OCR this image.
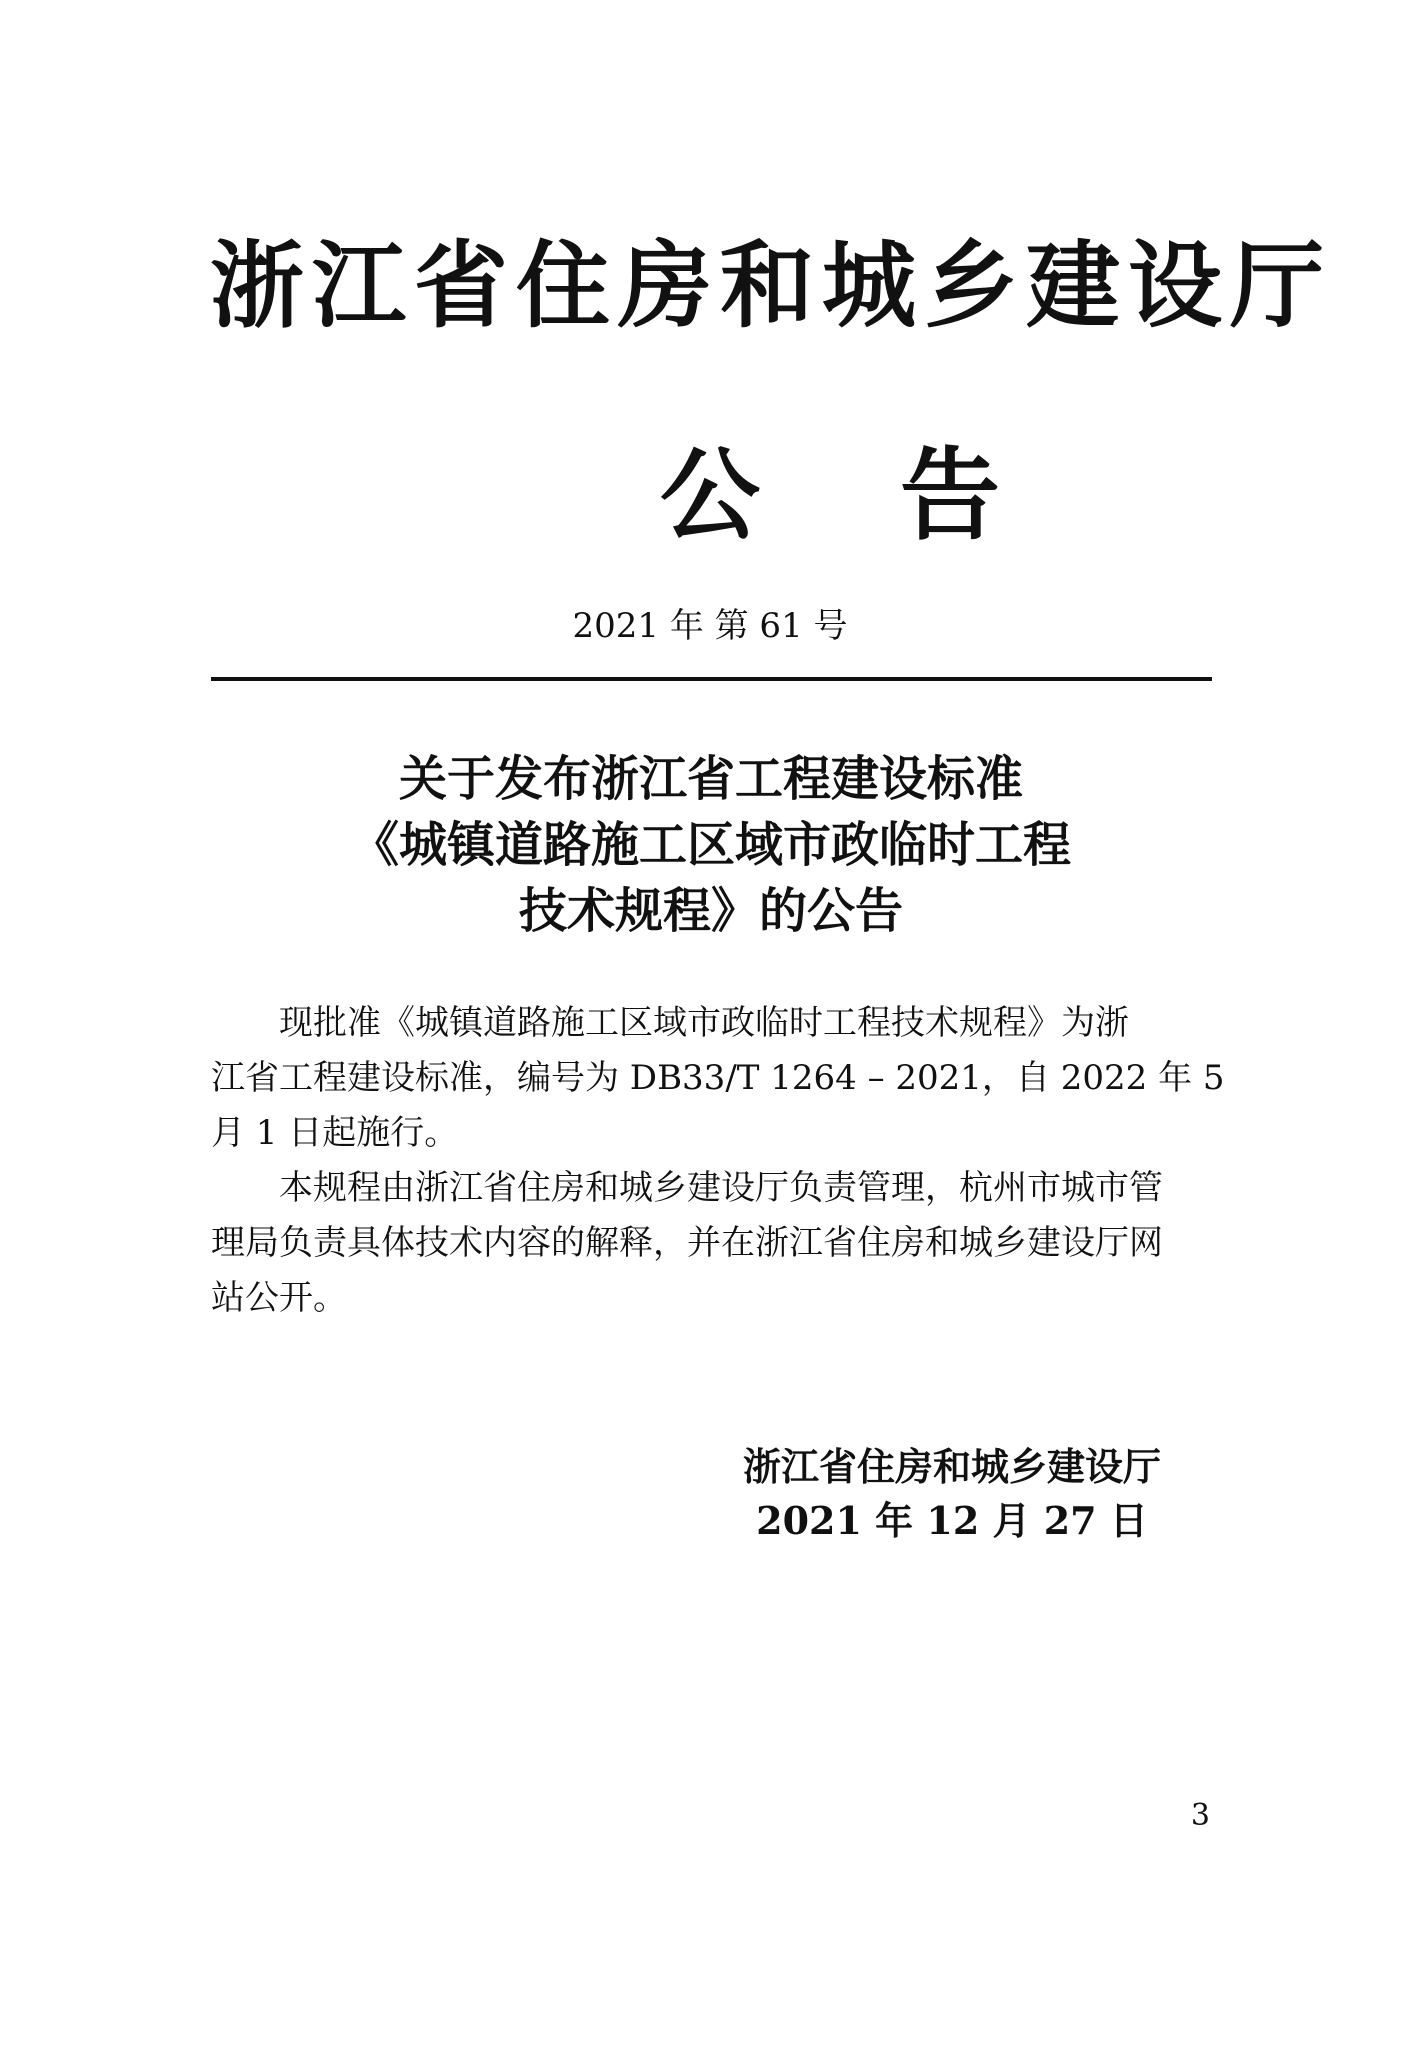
浙江省住房和城乡建设厅
公告
2021 年 第 61 号
关于发布浙江省工程建设标准
《城镇道路施工区域市政临时工程
技术规程》的公告
现批准《城镇道路施工区域市政临时工程技术规程》为浙
江省工程建设标准，编号为 DB33/T 1264 – 2021，自 2022 年 5
月 1 日起施行。
本规程由浙江省住房和城乡建设厅负责管理，杭州市城市管
理局负责具体技术内容的解释，并在浙江省住房和城乡建设厅网
站公开。
浙江省住房和城乡建设厅
2021 年 12 月 27 日
3
